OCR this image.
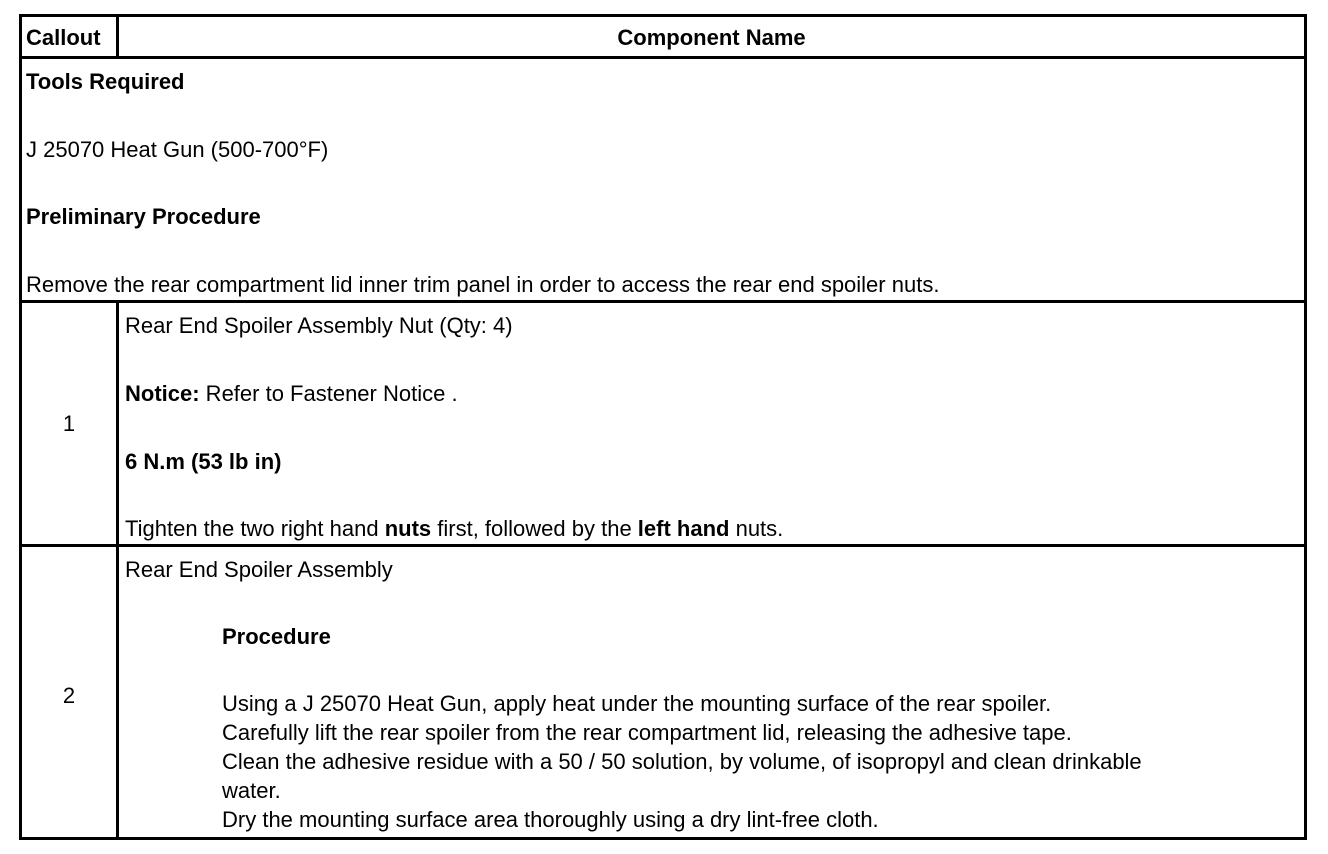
Callout	Component Name
Tools Required
J 25070 Heat Gun (500-700°F)
Preliminary Procedure
Remove the rear compartment lid inner trim panel in order to access the rear end spoiler nuts.
1
Rear End Spoiler Assembly Nut (Qty: 4)
Notice: Refer to Fastener Notice .
6 N.m (53 lb in)
Tighten the two right hand nuts first, followed by the left hand nuts.
2
Rear End Spoiler Assembly
Procedure
Using a J 25070 Heat Gun, apply heat under the mounting surface of the rear spoiler.
Carefully lift the rear spoiler from the rear compartment lid, releasing the adhesive tape.
Clean the adhesive residue with a 50 / 50 solution, by volume, of isopropyl and clean drinkable
water.
Dry the mounting surface area thoroughly using a dry lint-free cloth.
